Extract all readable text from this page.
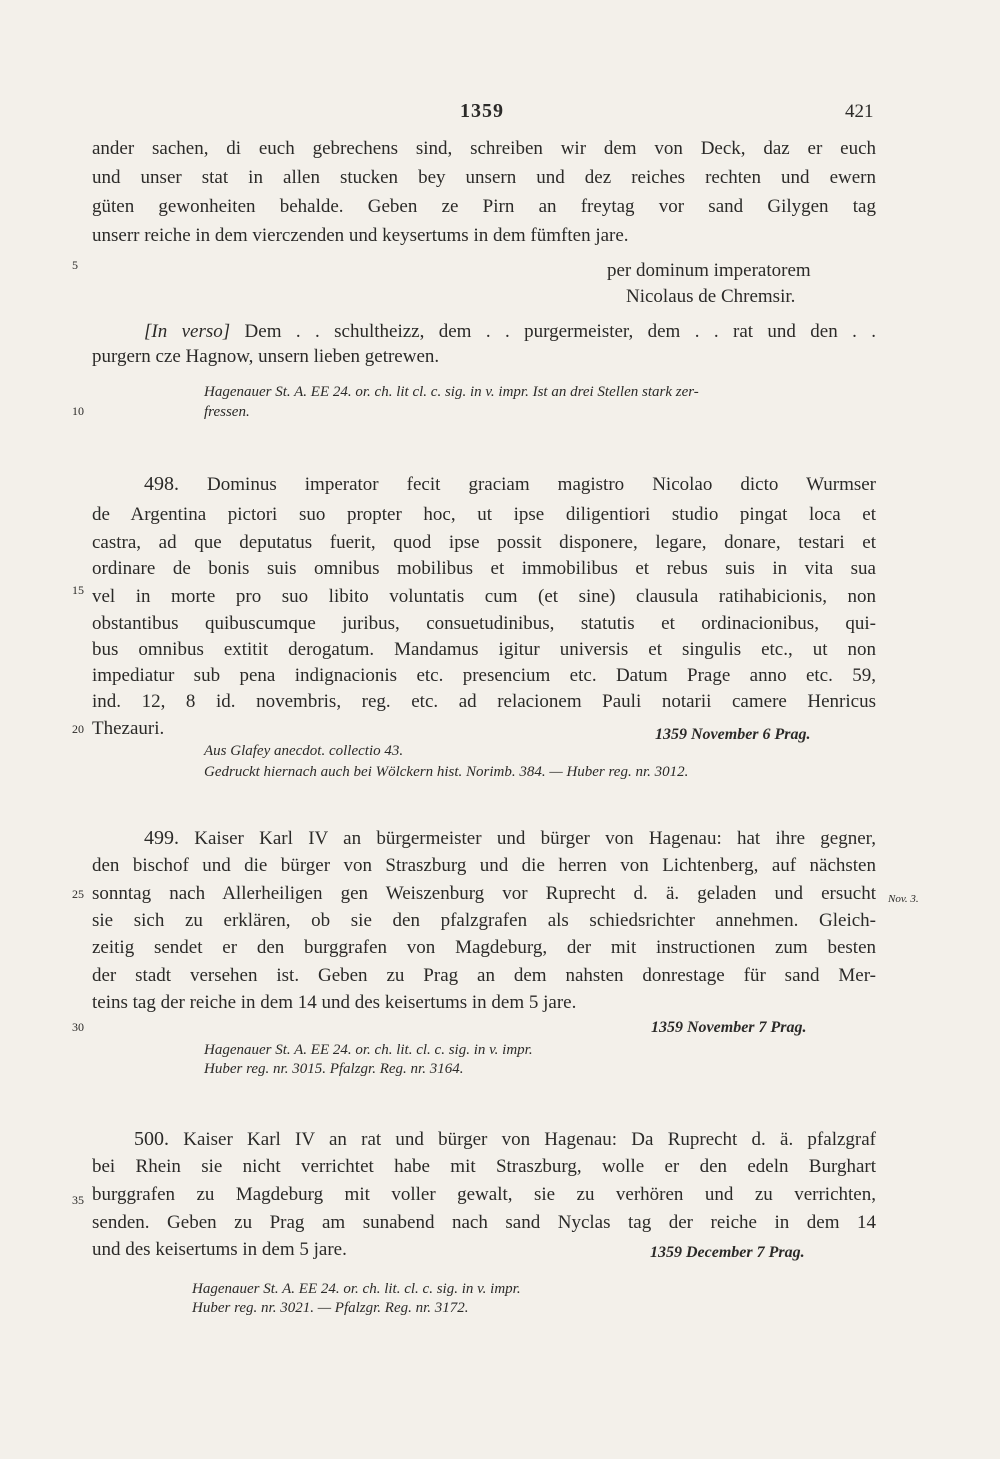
1359	421
5
10
15
20
25
30
35
ander sachen, di euch gebrechens sind, schreiben wir dem von Deck, daz er euch
und unser stat in allen stucken bey unsern und dez reiches rechten und ewern
güten gewonheiten behalde. Geben ze Pirn an freytag vor sand Gilygen tag
unserr reiche in dem vierczenden und keysertums in dem fümften jare.
per dominum imperatorem
Nicolaus de Chremsir.
[In verso] Dem . . schultheizz, dem . . purgermeister, dem . . rat und den . .
purgern cze Hagnow, unsern lieben getrewen.
Hagenauer St. A. EE 24. or. ch. lit cl. c. sig. in v. impr. Ist an drei Stellen stark zer-
fressen.
498. Dominus imperator fecit graciam magistro Nicolao dicto Wurmser
de Argentina pictori suo propter hoc, ut ipse diligentiori studio pingat loca et
castra, ad que deputatus fuerit, quod ipse possit disponere, legare, donare, testari et
ordinare de bonis suis omnibus mobilibus et immobilibus et rebus suis in vita sua
vel in morte pro suo libito voluntatis cum (et sine) clausula ratihabicionis, non
obstantibus quibuscumque juribus, consuetudinibus, statutis et ordinacionibus, qui-
bus omnibus extitit derogatum. Mandamus igitur universis et singulis etc., ut non
impediatur sub pena indignacionis etc. presencium etc. Datum Prage anno etc. 59,
ind. 12, 8 id. novembris, reg. etc. ad relacionem Pauli notarii camere Henricus
Thezauri.	1359 November 6 Prag.
Aus Glafey anecdot. collectio 43.
Gedruckt hiernach auch bei Wölckern hist. Norimb. 384. — Huber reg. nr. 3012.
499. Kaiser Karl IV an bürgermeister und bürger von Hagenau: hat ihre gegner,
den bischof und die bürger von Straszburg und die herren von Lichtenberg, auf nächsten
sonntag nach Allerheiligen gen Weiszenburg vor Ruprecht d. ä. geladen und ersucht
sie sich zu erklären, ob sie den pfalzgrafen als schiedsrichter annehmen. Gleich-
zeitig sendet er den burggrafen von Magdeburg, der mit instructionen zum besten
der stadt versehen ist. Geben zu Prag an dem nahsten donrestage für sand Mer-
teins tag der reiche in dem 14 und des keisertums in dem 5 jare.
Nov. 3.
1359 November 7 Prag.
Hagenauer St. A. EE 24. or. ch. lit. cl. c. sig. in v. impr.
Huber reg. nr. 3015. Pfalzgr. Reg. nr. 3164.
500. Kaiser Karl IV an rat und bürger von Hagenau: Da Ruprecht d. ä. pfalzgraf
bei Rhein sie nicht verrichtet habe mit Straszburg, wolle er den edeln Burghart
burggrafen zu Magdeburg mit voller gewalt, sie zu verhören und zu verrichten,
senden. Geben zu Prag am sunabend nach sand Nyclas tag der reiche in dem 14
und des keisertums in dem 5 jare.	1359 December 7 Prag.
Hagenauer St. A. EE 24. or. ch. lit. cl. c. sig. in v. impr.
Huber reg. nr. 3021. — Pfalzgr. Reg. nr. 3172.
